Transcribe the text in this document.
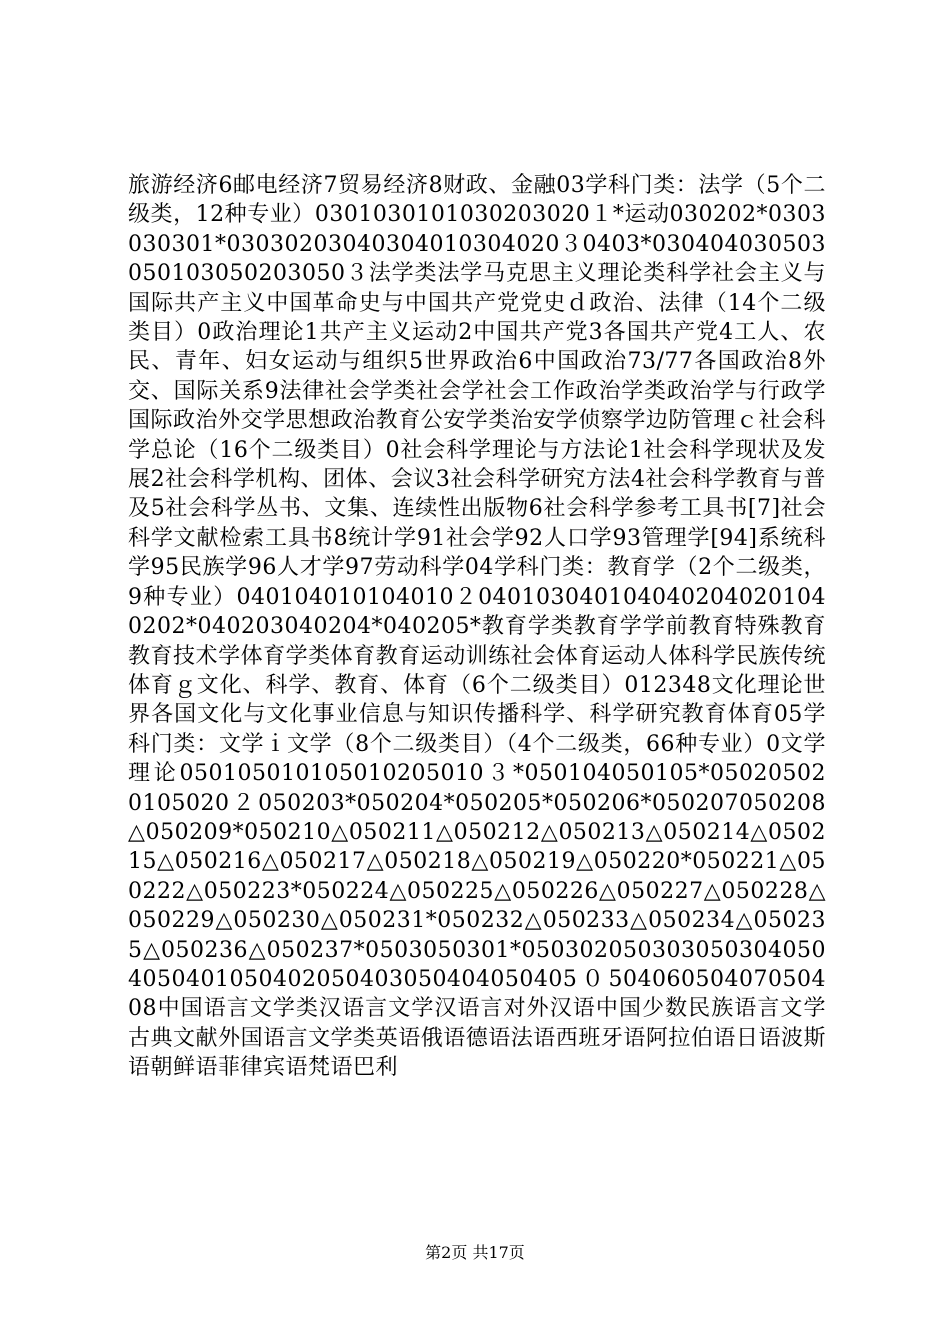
旅游经济6邮电经济7贸易经济8财政、金融03学科门类：法学（5个二级类，12种专业）0301030101030203020１*运动030202*0303030301*03030203040304010304020３0403*030404030503050103050203050３法学类法学马克思主义理论类科学社会主义与国际共产主义中国革命史与中国共产党党史ｄ政治、法律（14个二级类目）0政治理论1共产主义运动2中国共产党3各国共产党4工人、农民、青年、妇女运动与组织5世界政治6中国政治73/77各国政治8外交、国际关系9法律社会学类社会学社会工作政治学类政治学与行政学国际政治外交学思想政治教育公安学类治安学侦察学边防管理ｃ社会科学总论（16个二级类目）0社会科学理论与方法论1社会科学现状及发展2社会科学机构、团体、会议3社会科学研究方法4社会科学教育与普及5社会科学丛书、文集、连续性出版物6社会科学参考工具书[7]社会科学文献检索工具书8统计学91社会学92人口学93管理学[94]系统科学95民族学96人才学97劳动科学04学科门类：教育学（2个二级类，9种专业）040104010104010２0401030401040402040201040202*040203040204*040205*教育学类教育学学前教育特殊教育教育技术学体育学类体育教育运动训练社会体育运动人体科学民族传统体育ｇ文化、科学、教育、体育（6个二级类目）012348文化理论世界各国文化与文化事业信息与知识传播科学、科学研究教育体育05学科门类：文学ｉ文学（8个二级类目）（4个二级类，66种专业）0文学理论050105010105010205010３*050104050105*050205020105020２050203*050204*050205*050206*050207050208△050209*050210△050211△050212△050213△050214△050215△050216△050217△050218△050219△050220*050221△050222△050223*050224△050225△050226△050227△050228△050229△050230△050231*050232△050233△050234△050235△050236△050237*0503050301*0503020503030503040504050401050402050403050404050405０50406050407050408中国语言文学类汉语言文学汉语言对外汉语中国少数民族语言文学古典文献外国语言文学类英语俄语德语法语西班牙语阿拉伯语日语波斯语朝鲜语菲律宾语梵语巴利
第2页 共17页
